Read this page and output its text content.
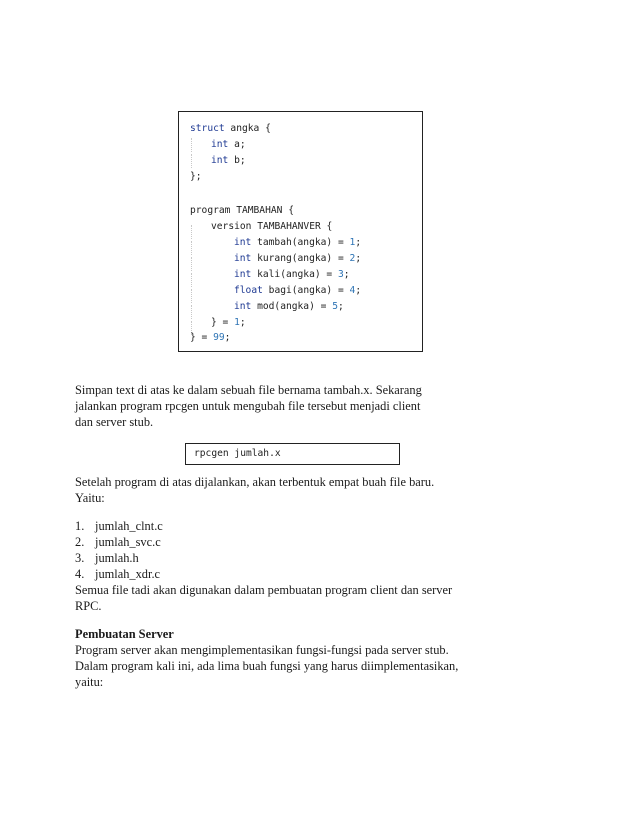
struct angka {
int a;
int b;
};
program TAMBAHAN {
version TAMBAHANVER {
int tambah(angka) = 1;
int kurang(angka) = 2;
int kali(angka) = 3;
float bagi(angka) = 4;
int mod(angka) = 5;
} = 1;
} = 99;
Simpan text di atas ke dalam sebuah file bernama tambah.x. Sekarang
jalankan program rpcgen untuk mengubah file tersebut menjadi client
dan server stub.
rpcgen jumlah.x
Setelah program di atas dijalankan, akan terbentuk empat buah file baru.
Yaitu:
1. jumlah_clnt.c
2. jumlah_svc.c
3. jumlah.h
4. jumlah_xdr.c
Semua file tadi akan digunakan dalam pembuatan program client dan server
RPC.
Pembuatan Server
Program server akan mengimplementasikan fungsi-fungsi pada server stub.
Dalam program kali ini, ada lima buah fungsi yang harus diimplementasikan,
yaitu:
